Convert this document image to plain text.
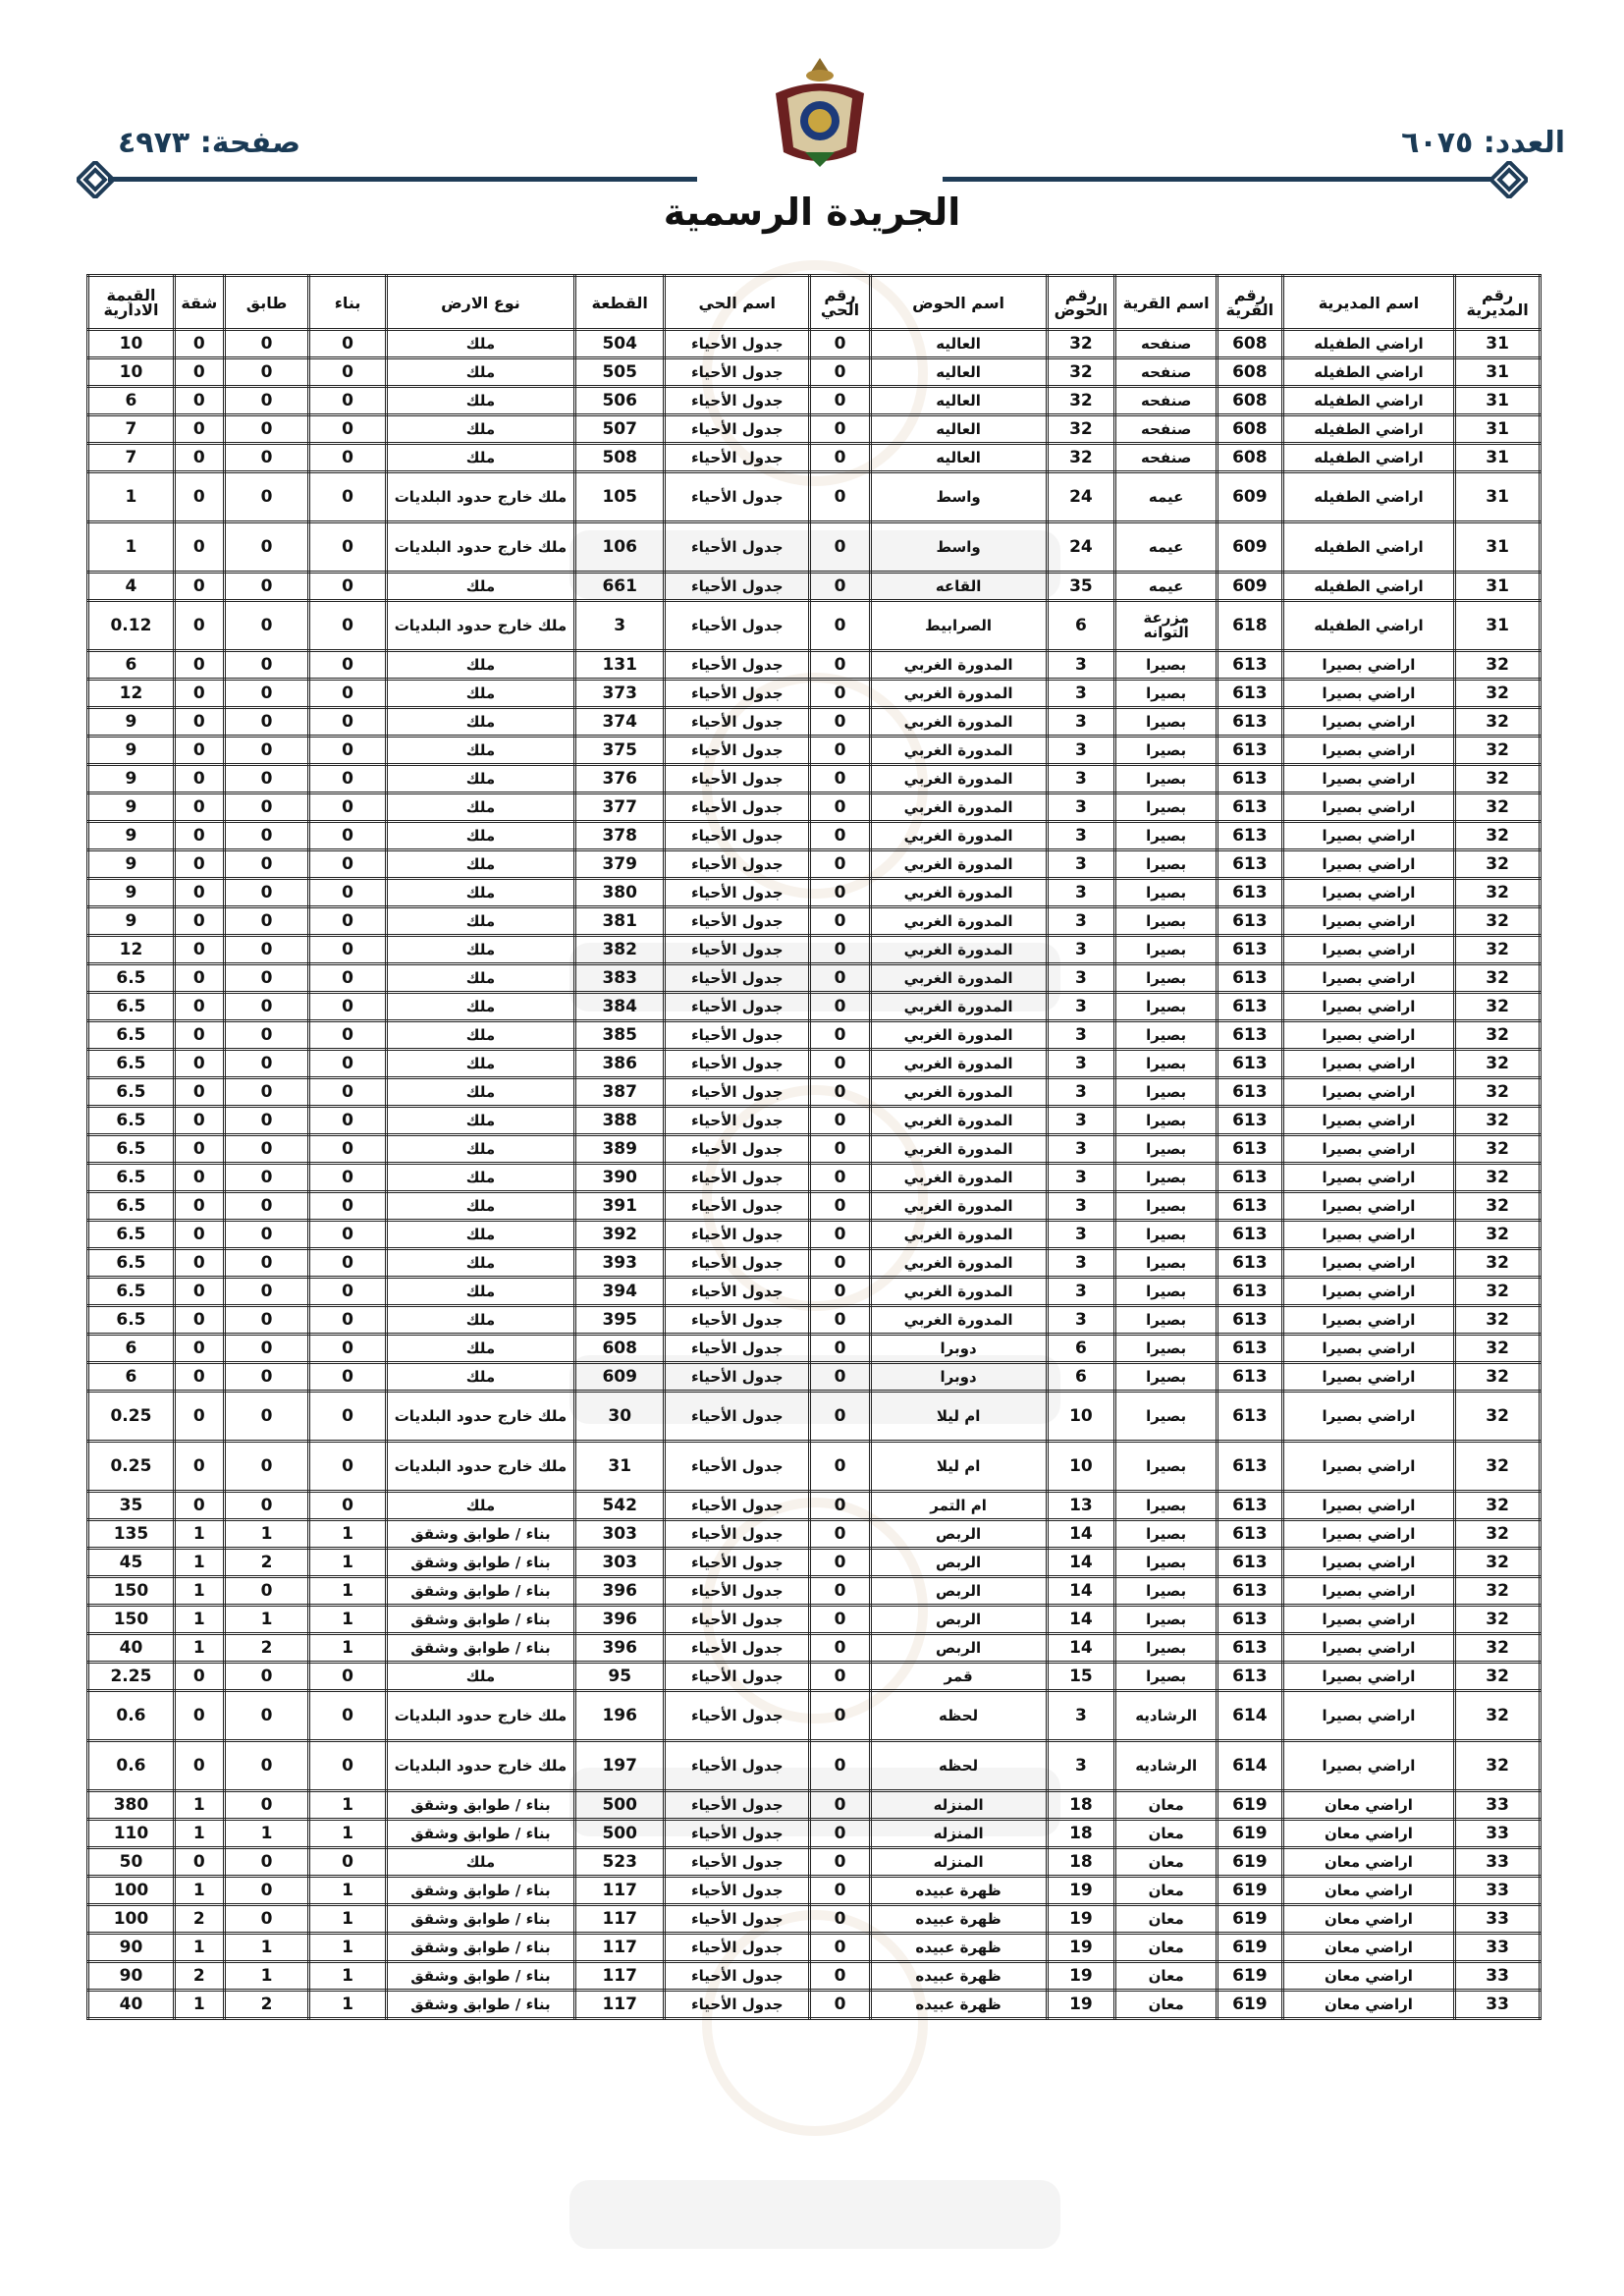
صفحة: ٤٩٧٣	العدد: ٦٠٧٥
الجريدة الرسمية
رقم المديرية	اسم المديرية	رقم القرية	اسم القرية	رقم الحوض	اسم الحوض	رقم الحي	اسم الحي	القطعة	نوع الارض	بناء	طابق	شقة	القيمة الادارية
31	اراضي الطفيله	608	صنفحه	32	العاليه	0	جدول الأحياء	504	ملك	0	0	0	10
31	اراضي الطفيله	608	صنفحه	32	العاليه	0	جدول الأحياء	505	ملك	0	0	0	10
31	اراضي الطفيله	608	صنفحه	32	العاليه	0	جدول الأحياء	506	ملك	0	0	0	6
31	اراضي الطفيله	608	صنفحه	32	العاليه	0	جدول الأحياء	507	ملك	0	0	0	7
31	اراضي الطفيله	608	صنفحه	32	العاليه	0	جدول الأحياء	508	ملك	0	0	0	7
31	اراضي الطفيله	609	عيمه	24	واسط	0	جدول الأحياء	105	ملك خارج حدود البلديات	0	0	0	1
31	اراضي الطفيله	609	عيمه	24	واسط	0	جدول الأحياء	106	ملك خارج حدود البلديات	0	0	0	1
31	اراضي الطفيله	609	عيمه	35	القاعه	0	جدول الأحياء	661	ملك	0	0	0	4
31	اراضي الطفيله	618	مزرعة التوانه	6	الصرابيط	0	جدول الأحياء	3	ملك خارج حدود البلديات	0	0	0	0.12
32	اراضي بصيرا	613	بصيرا	3	المدورة الغربي	0	جدول الأحياء	131	ملك	0	0	0	6
32	اراضي بصيرا	613	بصيرا	3	المدورة الغربي	0	جدول الأحياء	373	ملك	0	0	0	12
32	اراضي بصيرا	613	بصيرا	3	المدورة الغربي	0	جدول الأحياء	374	ملك	0	0	0	9
32	اراضي بصيرا	613	بصيرا	3	المدورة الغربي	0	جدول الأحياء	375	ملك	0	0	0	9
32	اراضي بصيرا	613	بصيرا	3	المدورة الغربي	0	جدول الأحياء	376	ملك	0	0	0	9
32	اراضي بصيرا	613	بصيرا	3	المدورة الغربي	0	جدول الأحياء	377	ملك	0	0	0	9
32	اراضي بصيرا	613	بصيرا	3	المدورة الغربي	0	جدول الأحياء	378	ملك	0	0	0	9
32	اراضي بصيرا	613	بصيرا	3	المدورة الغربي	0	جدول الأحياء	379	ملك	0	0	0	9
32	اراضي بصيرا	613	بصيرا	3	المدورة الغربي	0	جدول الأحياء	380	ملك	0	0	0	9
32	اراضي بصيرا	613	بصيرا	3	المدورة الغربي	0	جدول الأحياء	381	ملك	0	0	0	9
32	اراضي بصيرا	613	بصيرا	3	المدورة الغربي	0	جدول الأحياء	382	ملك	0	0	0	12
32	اراضي بصيرا	613	بصيرا	3	المدورة الغربي	0	جدول الأحياء	383	ملك	0	0	0	6.5
32	اراضي بصيرا	613	بصيرا	3	المدورة الغربي	0	جدول الأحياء	384	ملك	0	0	0	6.5
32	اراضي بصيرا	613	بصيرا	3	المدورة الغربي	0	جدول الأحياء	385	ملك	0	0	0	6.5
32	اراضي بصيرا	613	بصيرا	3	المدورة الغربي	0	جدول الأحياء	386	ملك	0	0	0	6.5
32	اراضي بصيرا	613	بصيرا	3	المدورة الغربي	0	جدول الأحياء	387	ملك	0	0	0	6.5
32	اراضي بصيرا	613	بصيرا	3	المدورة الغربي	0	جدول الأحياء	388	ملك	0	0	0	6.5
32	اراضي بصيرا	613	بصيرا	3	المدورة الغربي	0	جدول الأحياء	389	ملك	0	0	0	6.5
32	اراضي بصيرا	613	بصيرا	3	المدورة الغربي	0	جدول الأحياء	390	ملك	0	0	0	6.5
32	اراضي بصيرا	613	بصيرا	3	المدورة الغربي	0	جدول الأحياء	391	ملك	0	0	0	6.5
32	اراضي بصيرا	613	بصيرا	3	المدورة الغربي	0	جدول الأحياء	392	ملك	0	0	0	6.5
32	اراضي بصيرا	613	بصيرا	3	المدورة الغربي	0	جدول الأحياء	393	ملك	0	0	0	6.5
32	اراضي بصيرا	613	بصيرا	3	المدورة الغربي	0	جدول الأحياء	394	ملك	0	0	0	6.5
32	اراضي بصيرا	613	بصيرا	3	المدورة الغربي	0	جدول الأحياء	395	ملك	0	0	0	6.5
32	اراضي بصيرا	613	بصيرا	6	دوبرا	0	جدول الأحياء	608	ملك	0	0	0	6
32	اراضي بصيرا	613	بصيرا	6	دوبرا	0	جدول الأحياء	609	ملك	0	0	0	6
32	اراضي بصيرا	613	بصيرا	10	ام ليلا	0	جدول الأحياء	30	ملك خارج حدود البلديات	0	0	0	0.25
32	اراضي بصيرا	613	بصيرا	10	ام ليلا	0	جدول الأحياء	31	ملك خارج حدود البلديات	0	0	0	0.25
32	اراضي بصيرا	613	بصيرا	13	ام التمر	0	جدول الأحياء	542	ملك	0	0	0	35
32	اراضي بصيرا	613	بصيرا	14	الربص	0	جدول الأحياء	303	بناء / طوابق وشقق	1	1	1	135
32	اراضي بصيرا	613	بصيرا	14	الربص	0	جدول الأحياء	303	بناء / طوابق وشقق	1	2	1	45
32	اراضي بصيرا	613	بصيرا	14	الربص	0	جدول الأحياء	396	بناء / طوابق وشقق	1	0	1	150
32	اراضي بصيرا	613	بصيرا	14	الربص	0	جدول الأحياء	396	بناء / طوابق وشقق	1	1	1	150
32	اراضي بصيرا	613	بصيرا	14	الربص	0	جدول الأحياء	396	بناء / طوابق وشقق	1	2	1	40
32	اراضي بصيرا	613	بصيرا	15	قمر	0	جدول الأحياء	95	ملك	0	0	0	2.25
32	اراضي بصيرا	614	الرشاديه	3	لحظه	0	جدول الأحياء	196	ملك خارج حدود البلديات	0	0	0	0.6
32	اراضي بصيرا	614	الرشاديه	3	لحظه	0	جدول الأحياء	197	ملك خارج حدود البلديات	0	0	0	0.6
33	اراضي معان	619	معان	18	المنزله	0	جدول الأحياء	500	بناء / طوابق وشقق	1	0	1	380
33	اراضي معان	619	معان	18	المنزله	0	جدول الأحياء	500	بناء / طوابق وشقق	1	1	1	110
33	اراضي معان	619	معان	18	المنزله	0	جدول الأحياء	523	ملك	0	0	0	50
33	اراضي معان	619	معان	19	ظهرة عبيده	0	جدول الأحياء	117	بناء / طوابق وشقق	1	0	1	100
33	اراضي معان	619	معان	19	ظهرة عبيده	0	جدول الأحياء	117	بناء / طوابق وشقق	1	0	2	100
33	اراضي معان	619	معان	19	ظهرة عبيده	0	جدول الأحياء	117	بناء / طوابق وشقق	1	1	1	90
33	اراضي معان	619	معان	19	ظهرة عبيده	0	جدول الأحياء	117	بناء / طوابق وشقق	1	1	2	90
33	اراضي معان	619	معان	19	ظهرة عبيده	0	جدول الأحياء	117	بناء / طوابق وشقق	1	2	1	40
